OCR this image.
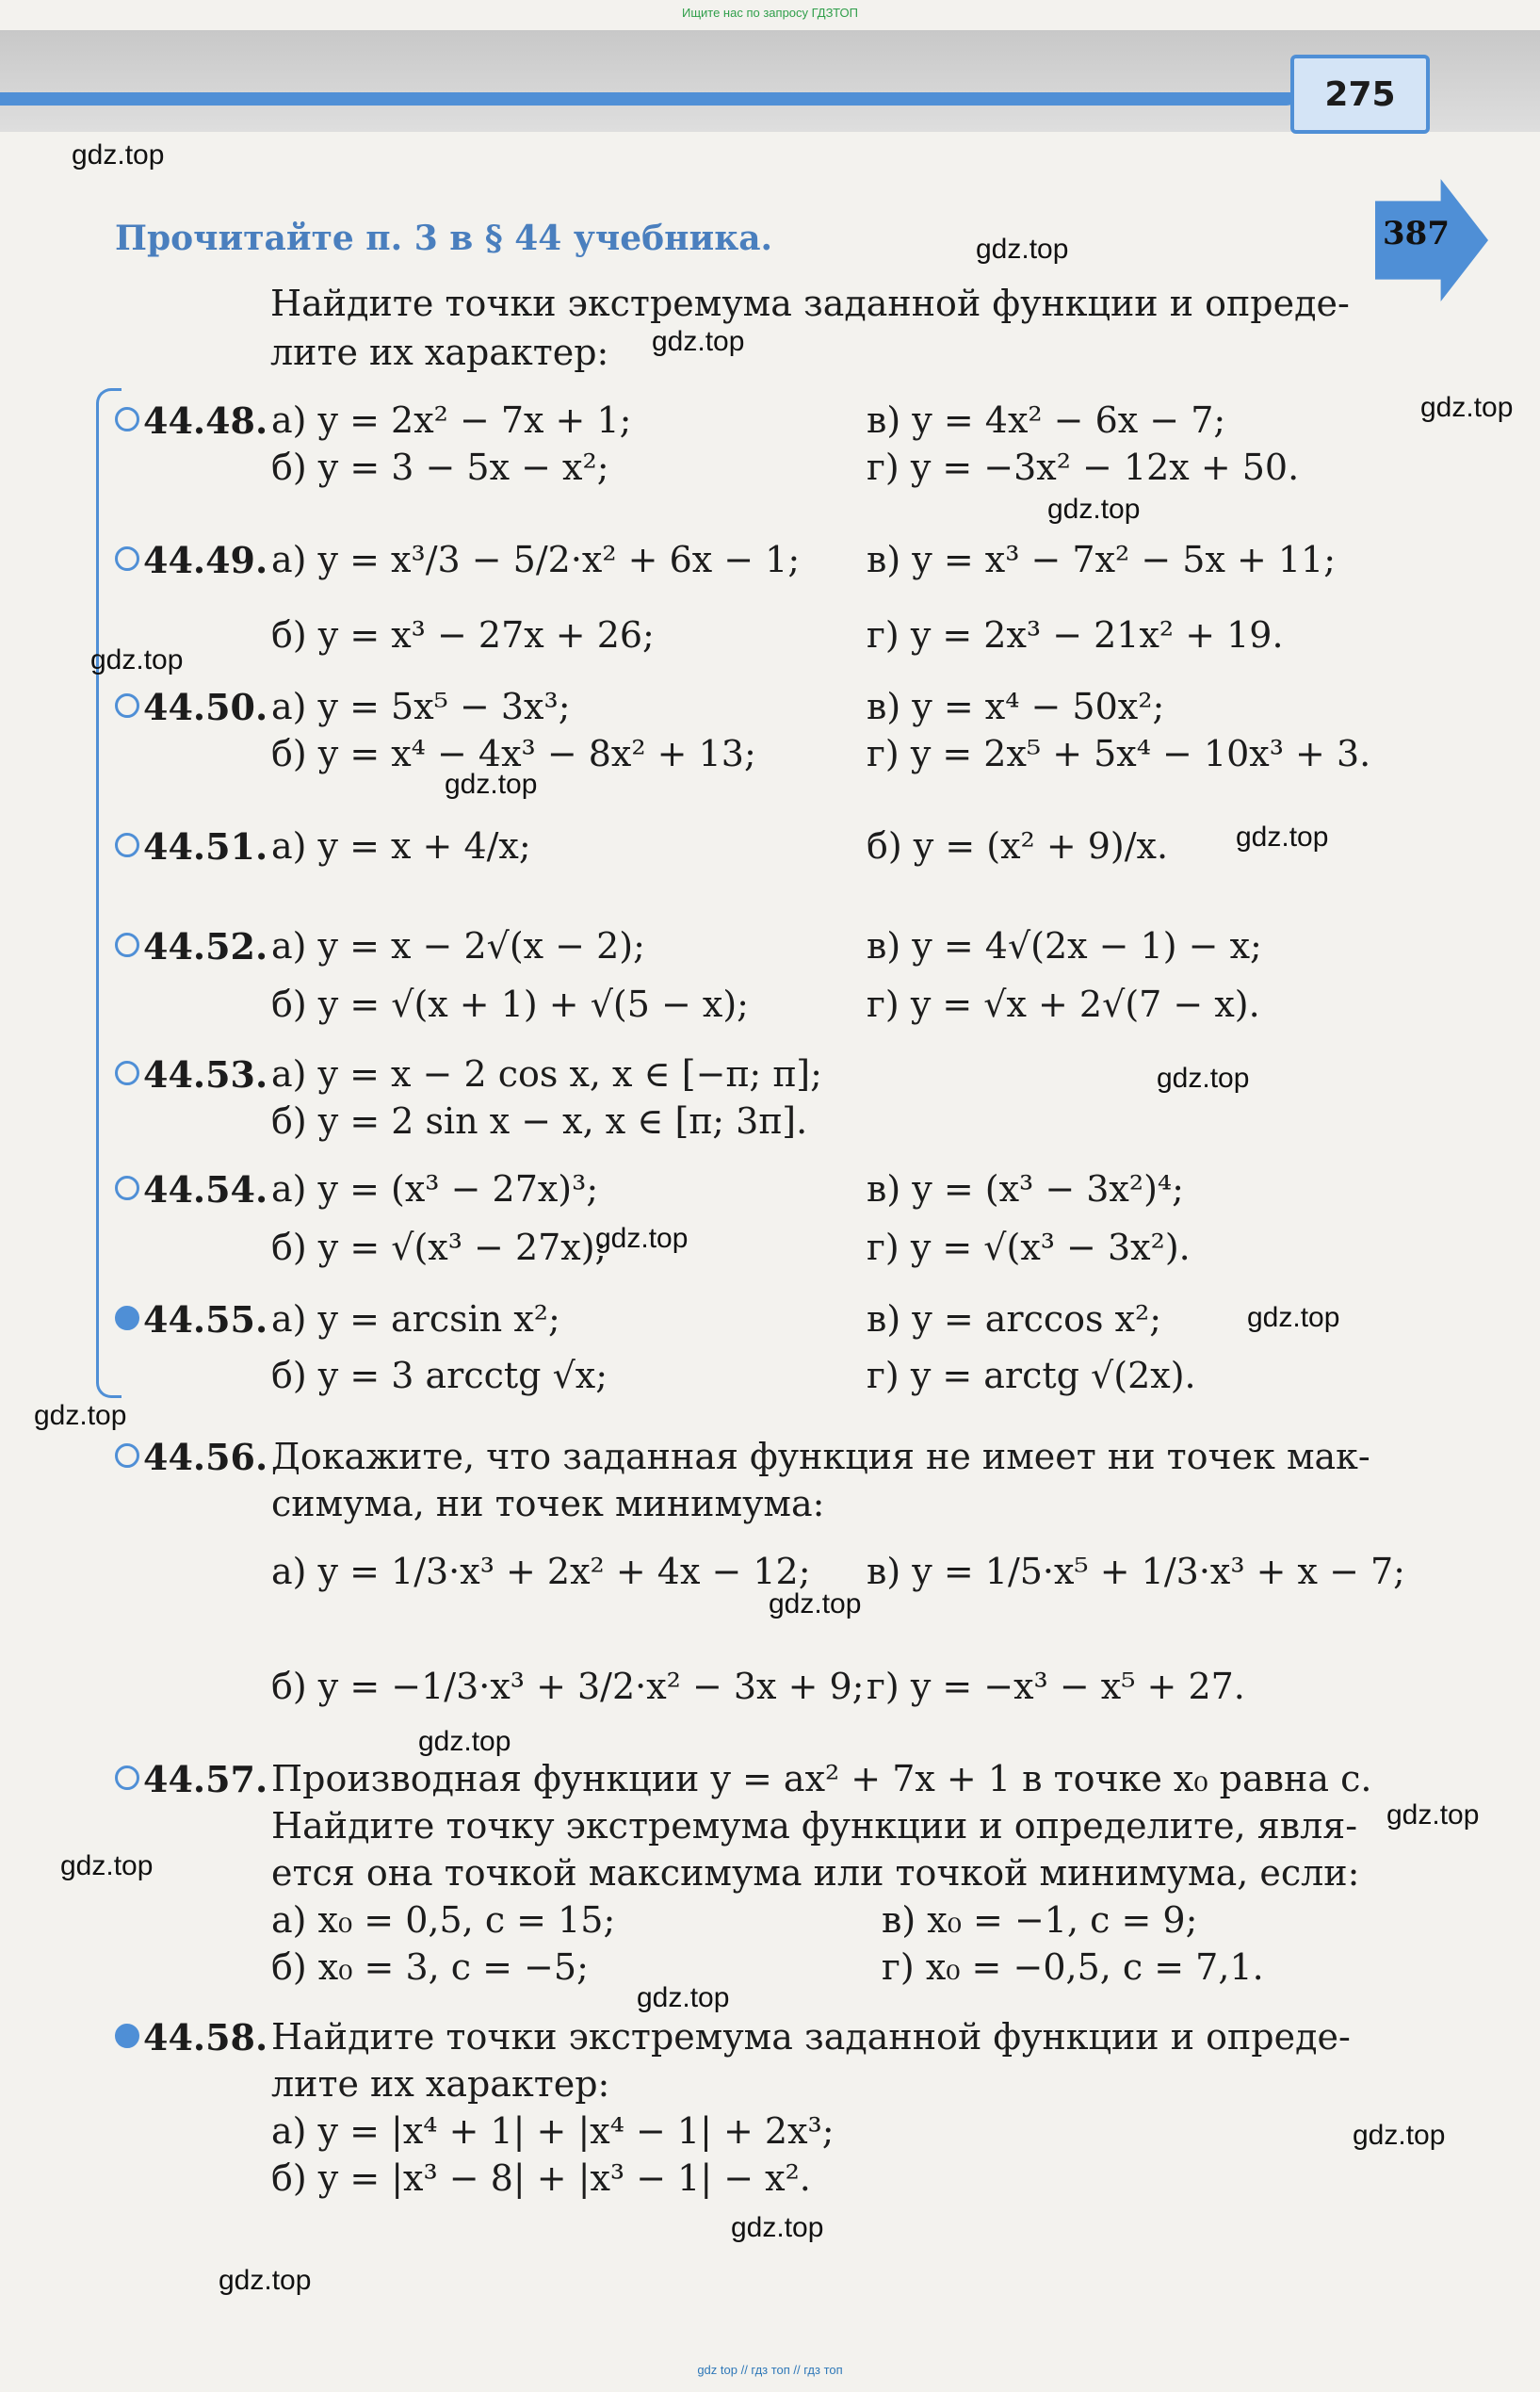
Ищите нас по запросу ГДЗТОП
275
Прочитайте п. 3 в § 44 учебника.	387
Найдите точки экстремума заданной функции и опреде-
лите их характер:
44.48. а) y = 2x² − 7x + 1;	в) y = 4x² − 6x − 7;
б) y = 3 − 5x − x²;	г) y = −3x² − 12x + 50.
44.49. а) y = x³/3 − 5/2·x² + 6x − 1; в) y = x³ − 7x² − 5x + 11;
б) y = x³ − 27x + 26;	г) y = 2x³ − 21x² + 19.
44.50. а) y = 5x⁵ − 3x³;	в) y = x⁴ − 50x²;
б) y = x⁴ − 4x³ − 8x² + 13;	г) y = 2x⁵ + 5x⁴ − 10x³ + 3.
44.51. а) y = x + 4/x;	б) y = (x² + 9)/x.
44.52. а) y = x − 2√(x − 2);	в) y = 4√(2x − 1) − x;
б) y = √(x + 1) + √(5 − x);	г) y = √x + 2√(7 − x).
44.53. а) y = x − 2 cos x, x ∈ [−π; π];
б) y = 2 sin x − x, x ∈ [π; 3π].
44.54. а) y = (x³ − 27x)³;	в) y = (x³ − 3x²)⁴;
б) y = √(x³ − 27x);	г) y = √(x³ − 3x²).
44.55. а) y = arcsin x²;	в) y = arccos x²;
б) y = 3 arcctg √x;	г) y = arctg √(2x).
44.56. Докажите, что заданная функция не имеет ни точек мак-
симума, ни точек минимума:
а) y = 1/3·x³ + 2x² + 4x − 12; в) y = 1/5·x⁵ + 1/3·x³ + x − 7;
б) y = −1/3·x³ + 3/2·x² − 3x + 9; г) y = −x³ − x⁵ + 27.
44.57. Производная функции y = ax² + 7x + 1 в точке x₀ равна c.
Найдите точку экстремума функции и определите, явля-
ется она точкой максимума или точкой минимума, если:
а) x₀ = 0,5, c = 15;	в) x₀ = −1, c = 9;
б) x₀ = 3, c = −5;	г) x₀ = −0,5, c = 7,1.
44.58. Найдите точки экстремума заданной функции и опреде-
лите их характер:
а) y = |x⁴ + 1| + |x⁴ − 1| + 2x³;
б) y = |x³ − 8| + |x³ − 1| − x².
gdz.top
gdz.top
gdz.top
gdz.top
gdz.top
gdz.top
gdz.top
gdz.top
gdz.top
gdz.top
gdz.top
gdz.top
gdz.top
gdz.top
gdz.top
gdz.top
gdz.top
gdz.top
gdz.top
gdz.top
gdz top // гдз топ // гдз топ
